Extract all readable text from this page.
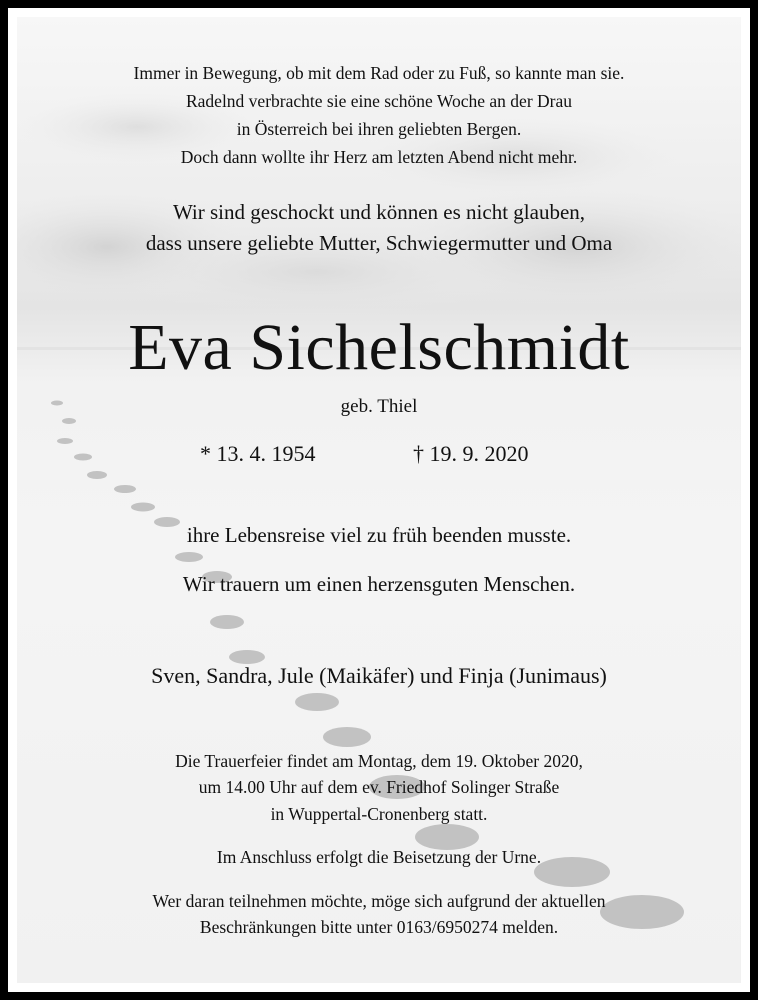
Immer in Bewegung, ob mit dem Rad oder zu Fuß, so kannte man sie.
Radelnd verbrachte sie eine schöne Woche an der Drau
in Österreich bei ihren geliebten Bergen.
Doch dann wollte ihr Herz am letzten Abend nicht mehr.
Wir sind geschockt und können es nicht glauben,
dass unsere geliebte Mutter, Schwiegermutter und Oma
Eva Sichelschmidt
geb. Thiel
* 13. 4. 1954	† 19. 9. 2020
ihre Lebensreise viel zu früh beenden musste.
Wir trauern um einen herzensguten Menschen.
Sven, Sandra, Jule (Maikäfer) und Finja (Junimaus)
Die Trauerfeier findet am Montag, dem 19. Oktober 2020,
um 14.00 Uhr auf dem ev. Friedhof Solinger Straße
in Wuppertal-Cronenberg statt.
Im Anschluss erfolgt die Beisetzung der Urne.
Wer daran teilnehmen möchte, möge sich aufgrund der aktuellen
Beschränkungen bitte unter 0163/6950274 melden.
